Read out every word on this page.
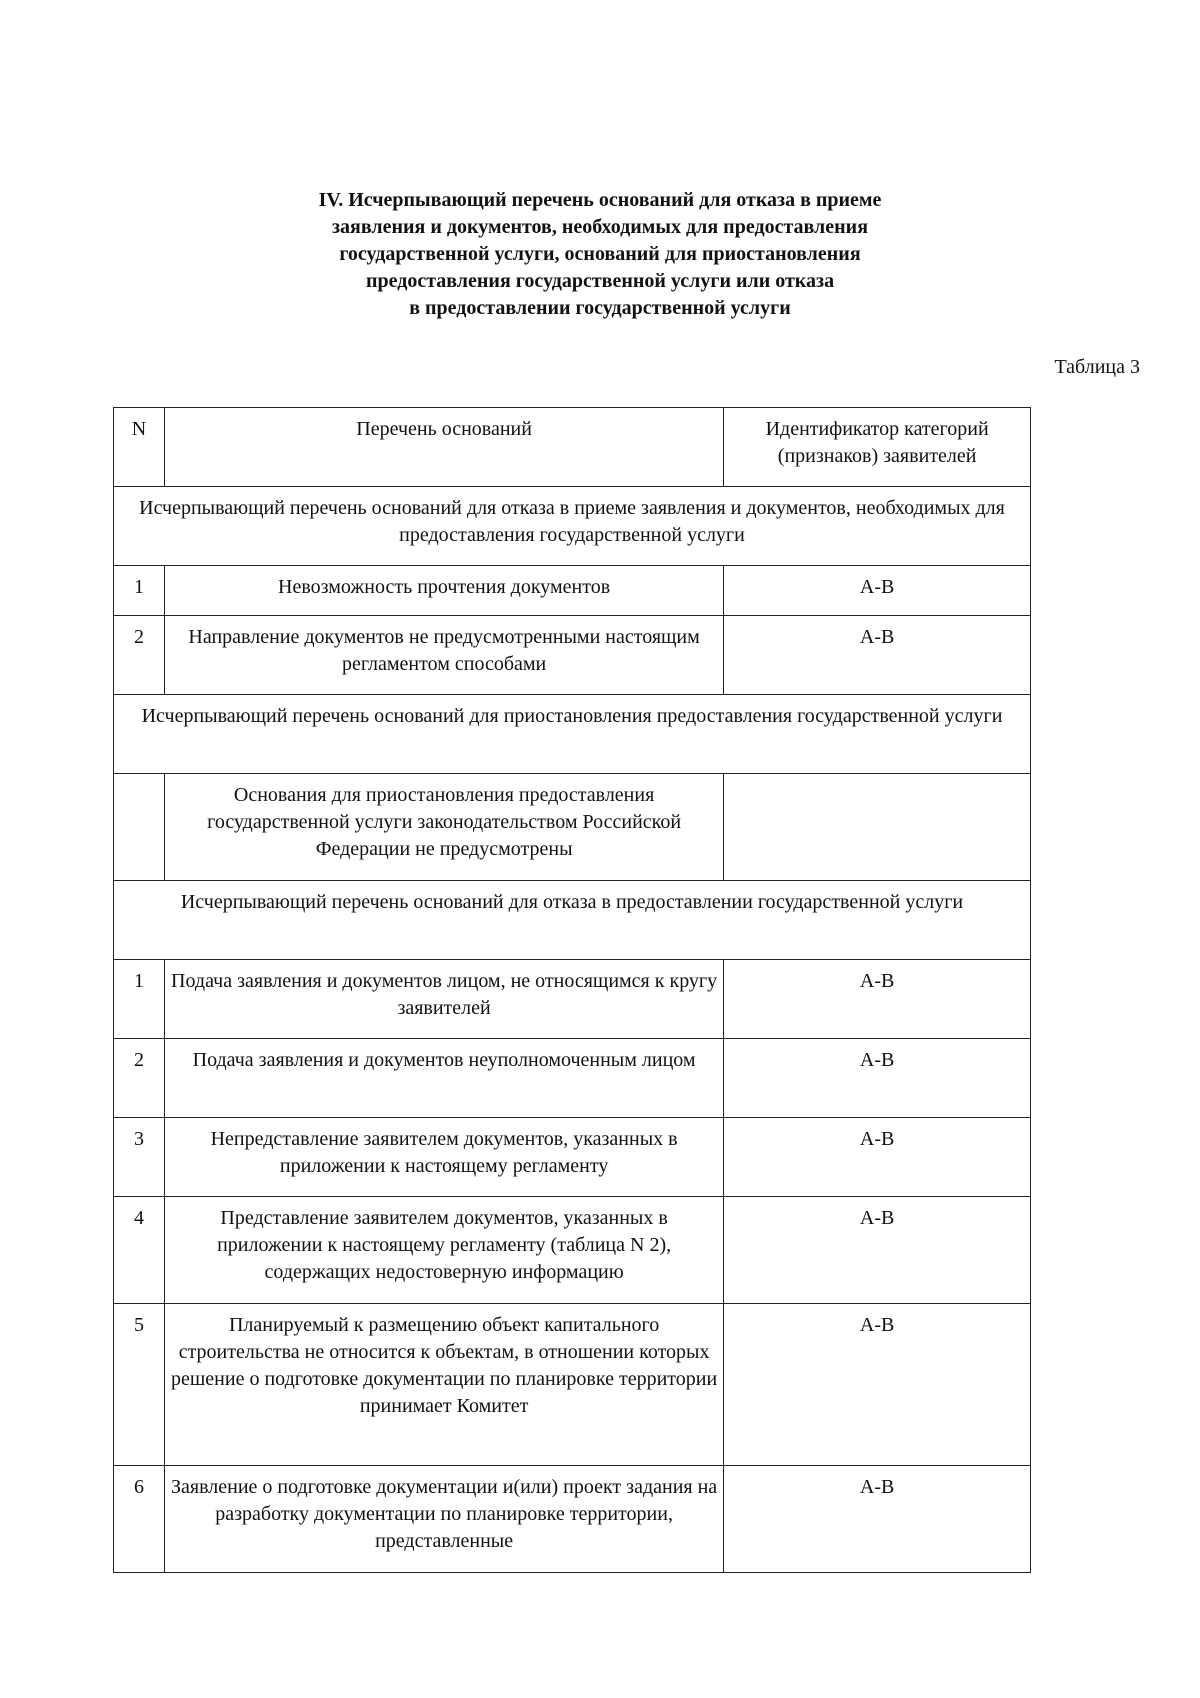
IV. Исчерпывающий перечень оснований для отказа в приеме
заявления и документов, необходимых для предоставления
государственной услуги, оснований для приостановления
предоставления государственной услуги или отказа
в предоставлении государственной услуги
Таблица 3
N	Перечень оснований	Идентификатор категорий (признаков) заявителей
Исчерпывающий перечень оснований для отказа в приеме заявления и документов, необходимых для предоставления государственной услуги		
1	Невозможность прочтения документов	А-В
2	Направление документов не предусмотренными настоящим регламентом способами	А-В
Исчерпывающий перечень оснований для приостановления предоставления государственной услуги		
	Основания для приостановления предоставления государственной услуги законодательством Российской Федерации не предусмотрены	
Исчерпывающий перечень оснований для отказа в предоставлении государственной услуги		
1	Подача заявления и документов лицом, не относящимся к кругу заявителей	А-В
2	Подача заявления и документов неуполномоченным лицом	А-В
3	Непредставление заявителем документов, указанных в приложении к настоящему регламенту	А-В
4	Представление заявителем документов, указанных в приложении к настоящему регламенту (таблица N 2), содержащих недостоверную информацию	А-В
5	Планируемый к размещению объект капитального строительства не относится к объектам, в отношении которых решение о подготовке документации по планировке территории принимает Комитет	А-В
6	Заявление о подготовке документации и(или) проект задания на разработку документации по планировке территории, представленные	А-В
